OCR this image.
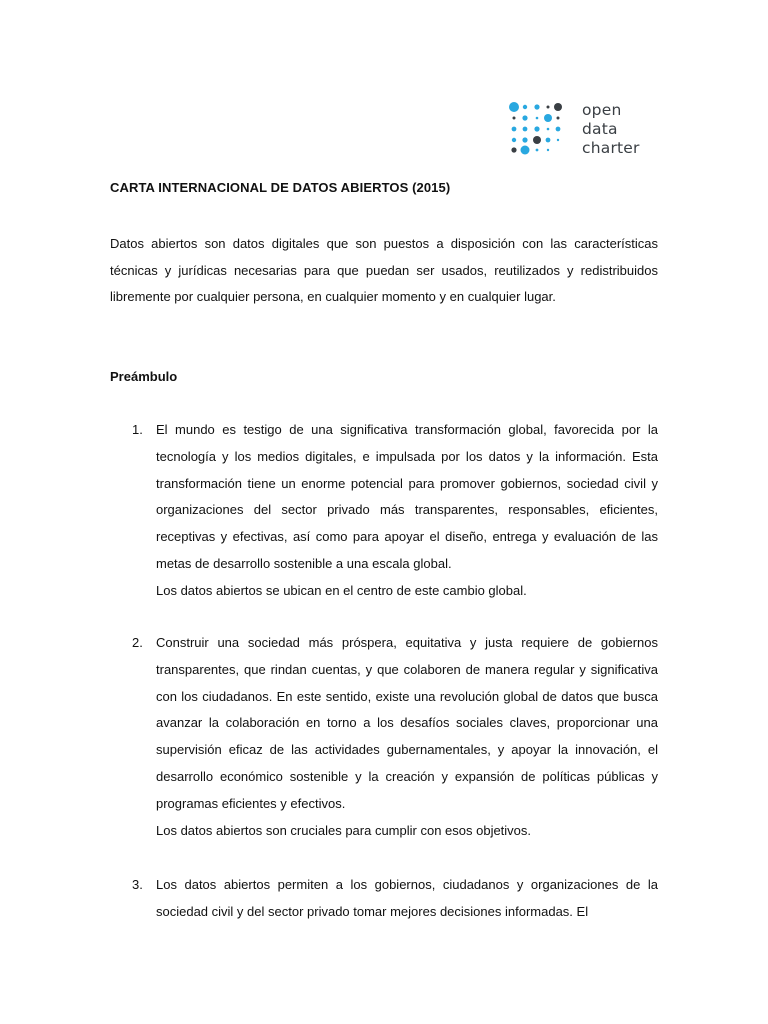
open
data
charter
CARTA INTERNACIONAL DE DATOS ABIERTOS (2015)

Datos abiertos son datos digitales que son puestos a disposición con las características técnicas y jurídicas necesarias para que puedan ser usados, reutilizados y redistribuidos libremente por cualquier persona, en cualquier momento y en cualquier lugar.

Preámbulo
1. El mundo es testigo de una significativa transformación global, favorecida por la tecnología y los medios digitales, e impulsada por los datos y la información. Esta transformación tiene un enorme potencial para promover gobiernos, sociedad civil y organizaciones del sector privado más transparentes, responsables, eficientes, receptivas y efectivas, así como para apoyar el diseño, entrega y evaluación de las metas de desarrollo sostenible a una escala global.
Los datos abiertos se ubican en el centro de este cambio global.

2. Construir una sociedad más próspera, equitativa y justa requiere de gobiernos transparentes, que rindan cuentas, y que colaboren de manera regular y significativa con los ciudadanos. En este sentido, existe una revolución global de datos que busca avanzar la colaboración en torno a los desafíos sociales claves, proporcionar una supervisión eficaz de las actividades gubernamentales, y apoyar la innovación, el desarrollo económico sostenible y la creación y expansión de políticas públicas y programas eficientes y efectivos.
Los datos abiertos son cruciales para cumplir con esos objetivos.

3. Los datos abiertos permiten a los gobiernos, ciudadanos y organizaciones de la sociedad civil y del sector privado tomar mejores decisiones informadas. El
